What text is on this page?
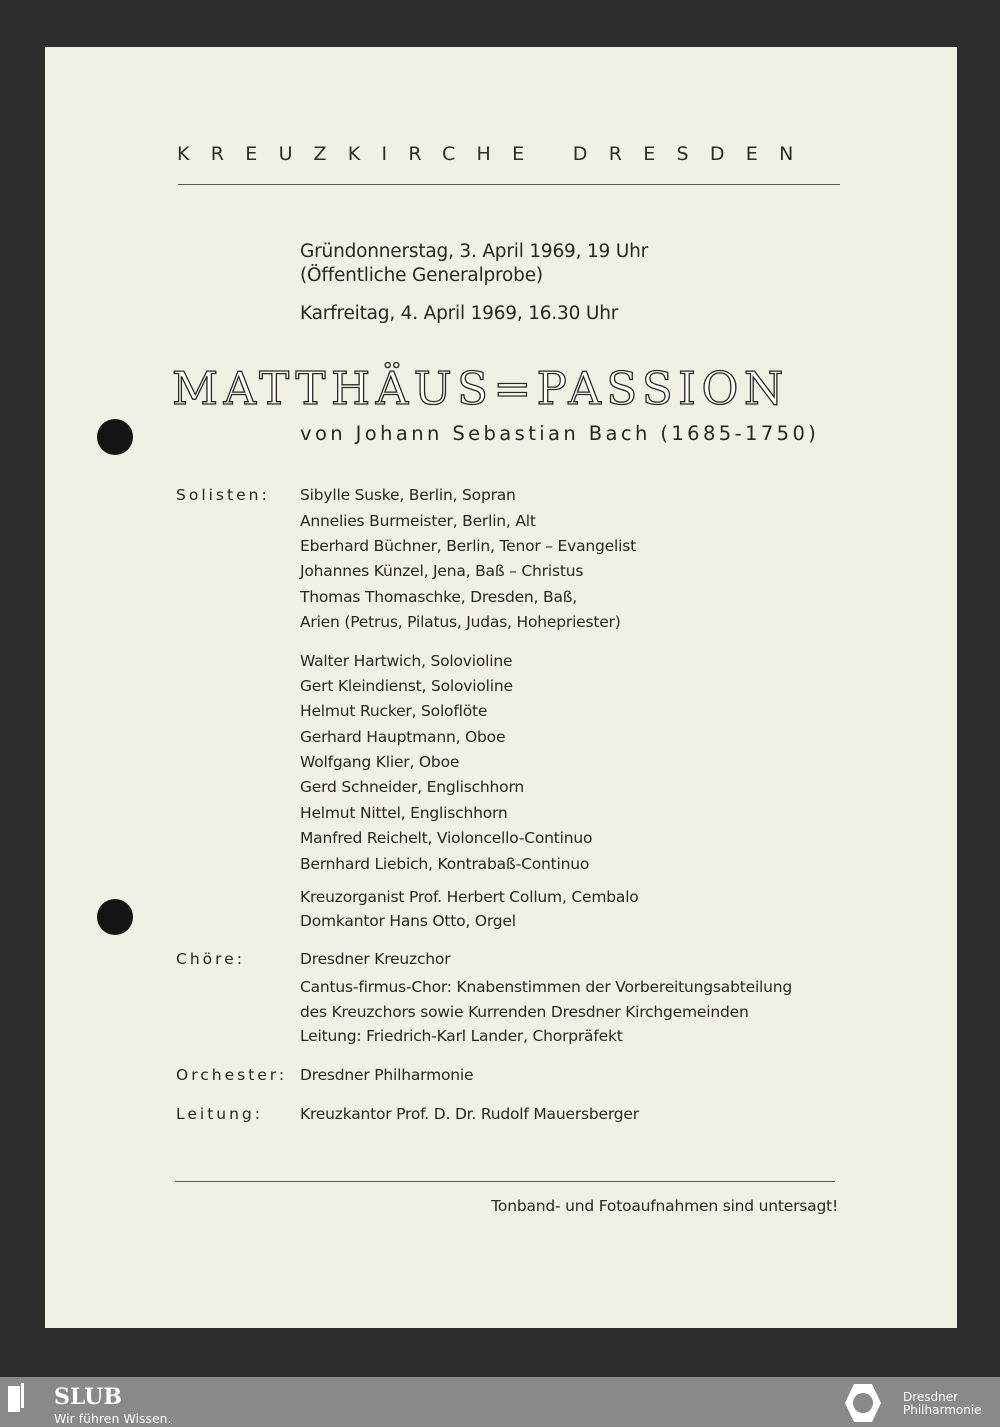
KREUZKIRCHE DRESDEN
Gründonnerstag, 3. April 1969, 19 Uhr
(Öffentliche Generalprobe)
Karfreitag, 4. April 1969, 16.30 Uhr
MATTHÄUS=PASSION
von Johann Sebastian Bach (1685-1750)
Solisten: Sibylle Suske, Berlin, Sopran
Annelies Burmeister, Berlin, Alt
Eberhard Büchner, Berlin, Tenor – Evangelist
Johannes Künzel, Jena, Baß – Christus
Thomas Thomaschke, Dresden, Baß,
Arien (Petrus, Pilatus, Judas, Hohepriester)
Walter Hartwich, Solovioline
Gert Kleindienst, Solovioline
Helmut Rucker, Soloflöte
Gerhard Hauptmann, Oboe
Wolfgang Klier, Oboe
Gerd Schneider, Englischhorn
Helmut Nittel, Englischhorn
Manfred Reichelt, Violoncello-Continuo
Bernhard Liebich, Kontrabaß-Continuo
Kreuzorganist Prof. Herbert Collum, Cembalo
Domkantor Hans Otto, Orgel
Chöre:	Dresdner Kreuzchor
Cantus-firmus-Chor: Knabenstimmen der Vorbereitungsabteilung
des Kreuzchors sowie Kurrenden Dresdner Kirchgemeinden
Leitung: Friedrich-Karl Lander, Chorpräfekt
Orchester: Dresdner Philharmonie
Leitung: Kreuzkantor Prof. D. Dr. Rudolf Mauersberger
Tonband- und Fotoaufnahmen sind untersagt!
SLUB
Wir führen Wissen.
Dresdner
Philharmonie
